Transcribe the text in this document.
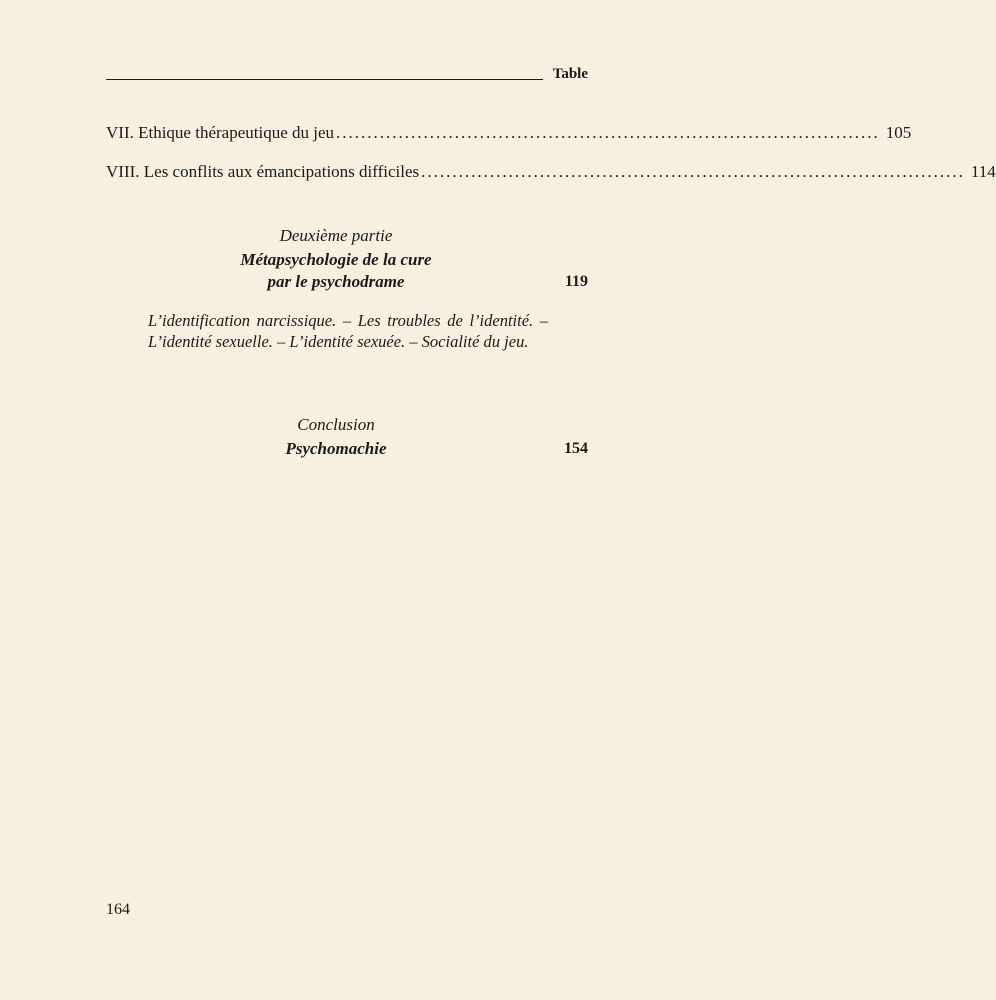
Table
VII. Ethique thérapeutique du jeu ....................................................................................... 105
VIII. Les conflits aux émancipations difficiles ....................................................................................... 114
Deuxième partie
Métapsychologie de la cure
par le psychodrame	119
L’identification narcissique. – Les troubles de l’identité. – L’identité sexuelle. – L’identité sexuée. – Socialité du jeu.
Conclusion
Psychomachie	154
164
